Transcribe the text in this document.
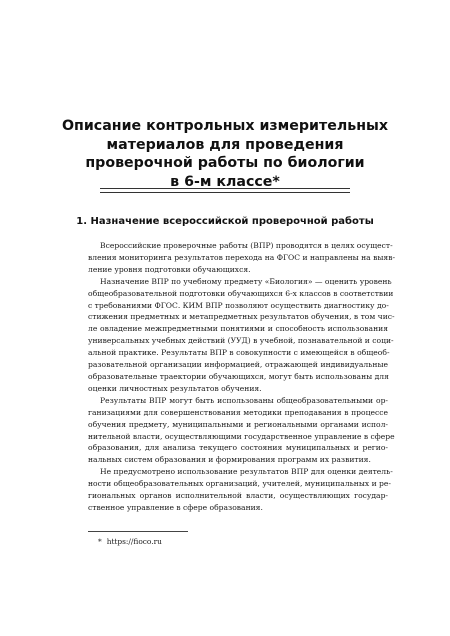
Описание контрольных измерительных
материалов для проведения
проверочной работы по биологии
в 6-м классе*
1. Назначение всероссийской проверочной работы
Всероссийские проверочные работы (ВПР) проводятся в целях осущест-
вления мониторинга результатов перехода на ФГОС и направлены на выяв-
ление уровня подготовки обучающихся.
Назначение ВПР по учебному предмету «Биология» — оценить уровень
общеобразовательной подготовки обучающихся 6-х классов в соответствии
с требованиями ФГОС. КИМ ВПР позволяют осуществить диагностику до-
стижения предметных и метапредметных результатов обучения, в том чис-
ле овладение межпредметными понятиями и способность использования
универсальных учебных действий (УУД) в учебной, познавательной и соци-
альной практике. Результаты ВПР в совокупности с имеющейся в общеоб-
разовательной организации информацией, отражающей индивидуальные
образовательные траектории обучающихся, могут быть использованы для
оценки личностных результатов обучения.
Результаты ВПР могут быть использованы общеобразовательными ор-
ганизациями для совершенствования методики преподавания в процессе
обучения предмету, муниципальными и региональными органами испол-
нительной власти, осуществляющими государственное управление в сфере
образования, для анализа текущего состояния муниципальных и регио-
нальных систем образования и формирования программ их развития.
Не предусмотрено использование результатов ВПР для оценки деятель-
ности общеобразовательных организаций, учителей, муниципальных и ре-
гиональных органов исполнительной власти, осуществляющих государ-
ственное управление в сфере образования.
* https://fioco.ru
